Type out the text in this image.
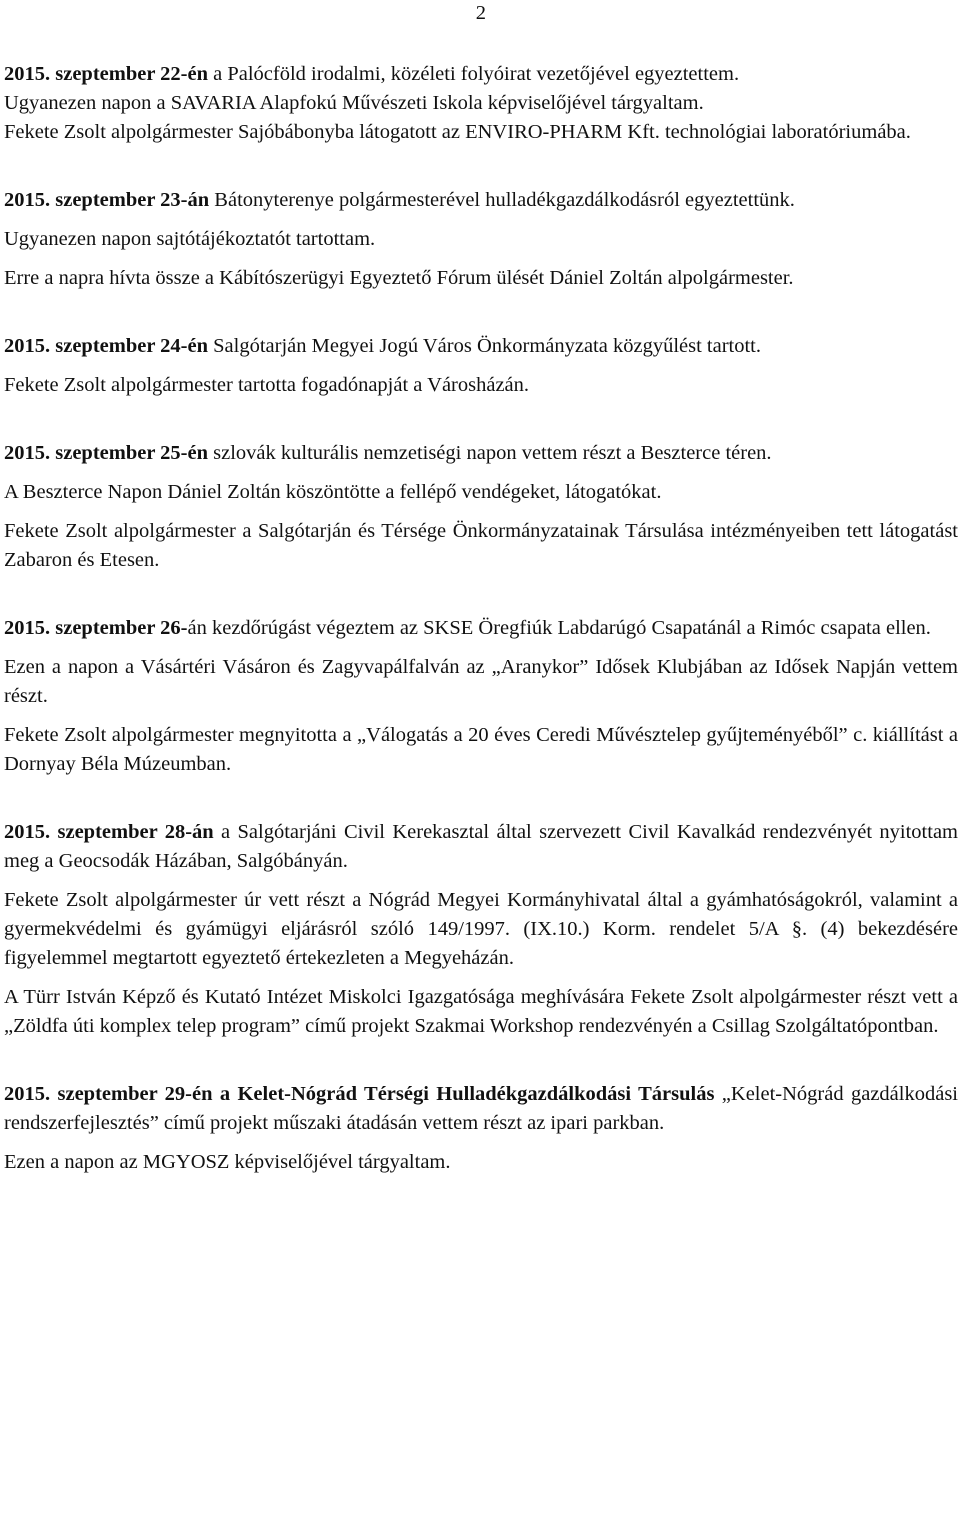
2

2015. szeptember 22-én a Palócföld irodalmi, közéleti folyóirat vezetőjével egyeztettem.

Ugyanezen napon a SAVARIA Alapfokú Művészeti Iskola képviselőjével tárgyaltam.

Fekete Zsolt alpolgármester Sajóbábonyba látogatott az ENVIRO-PHARM Kft. technológiai laboratóriumába.

2015. szeptember 23-án Bátonyterenye polgármesterével hulladékgazdálkodásról egyeztettünk.

Ugyanezen napon sajtótájékoztatót tartottam.

Erre a napra hívta össze a Kábítószerügyi Egyeztető Fórum ülését Dániel Zoltán alpolgármester.

2015. szeptember 24-én Salgótarján Megyei Jogú Város Önkormányzata közgyűlést tartott.

Fekete Zsolt alpolgármester tartotta fogadónapját a Városházán.

2015. szeptember 25-én szlovák kulturális nemzetiségi napon vettem részt a Beszterce téren.

A Beszterce Napon Dániel Zoltán köszöntötte a fellépő vendégeket, látogatókat.

Fekete Zsolt alpolgármester a Salgótarján és Térsége Önkormányzatainak Társulása intézményeiben tett látogatást Zabaron és Etesen.

2015. szeptember 26-án kezdőrúgást végeztem az SKSE Öregfiúk Labdarúgó Csapatánál a Rimóc csapata ellen.

Ezen a napon a Vásártéri Vásáron és Zagyvapálfalván az „Aranykor” Idősek Klubjában az Idősek Napján vettem részt.

Fekete Zsolt alpolgármester megnyitotta a „Válogatás a 20 éves Ceredi Művésztelep gyűjteményéből” c. kiállítást a Dornyay Béla Múzeumban.

2015. szeptember 28-án a Salgótarjáni Civil Kerekasztal által szervezett Civil Kavalkád rendezvényét nyitottam meg a Geocsodák Házában, Salgóbányán.

Fekete Zsolt alpolgármester úr vett részt a Nógrád Megyei Kormányhivatal által a gyámhatóságokról, valamint a gyermekvédelmi és gyámügyi eljárásról szóló 149/1997. (IX.10.) Korm. rendelet 5/A §. (4) bekezdésére figyelemmel megtartott egyeztető értekezleten a Megyeházán.

A Türr István Képző és Kutató Intézet Miskolci Igazgatósága meghívására Fekete Zsolt alpolgármester részt vett a „Zöldfa úti komplex telep program” című projekt Szakmai Workshop rendezvényén a Csillag Szolgáltatópontban.

2015. szeptember 29-én a Kelet-Nógrád Térségi Hulladékgazdálkodási Társulás „Kelet-Nógrád gazdálkodási rendszerfejlesztés” című projekt műszaki átadásán vettem részt az ipari parkban.

Ezen a napon az MGYOSZ képviselőjével tárgyaltam.
